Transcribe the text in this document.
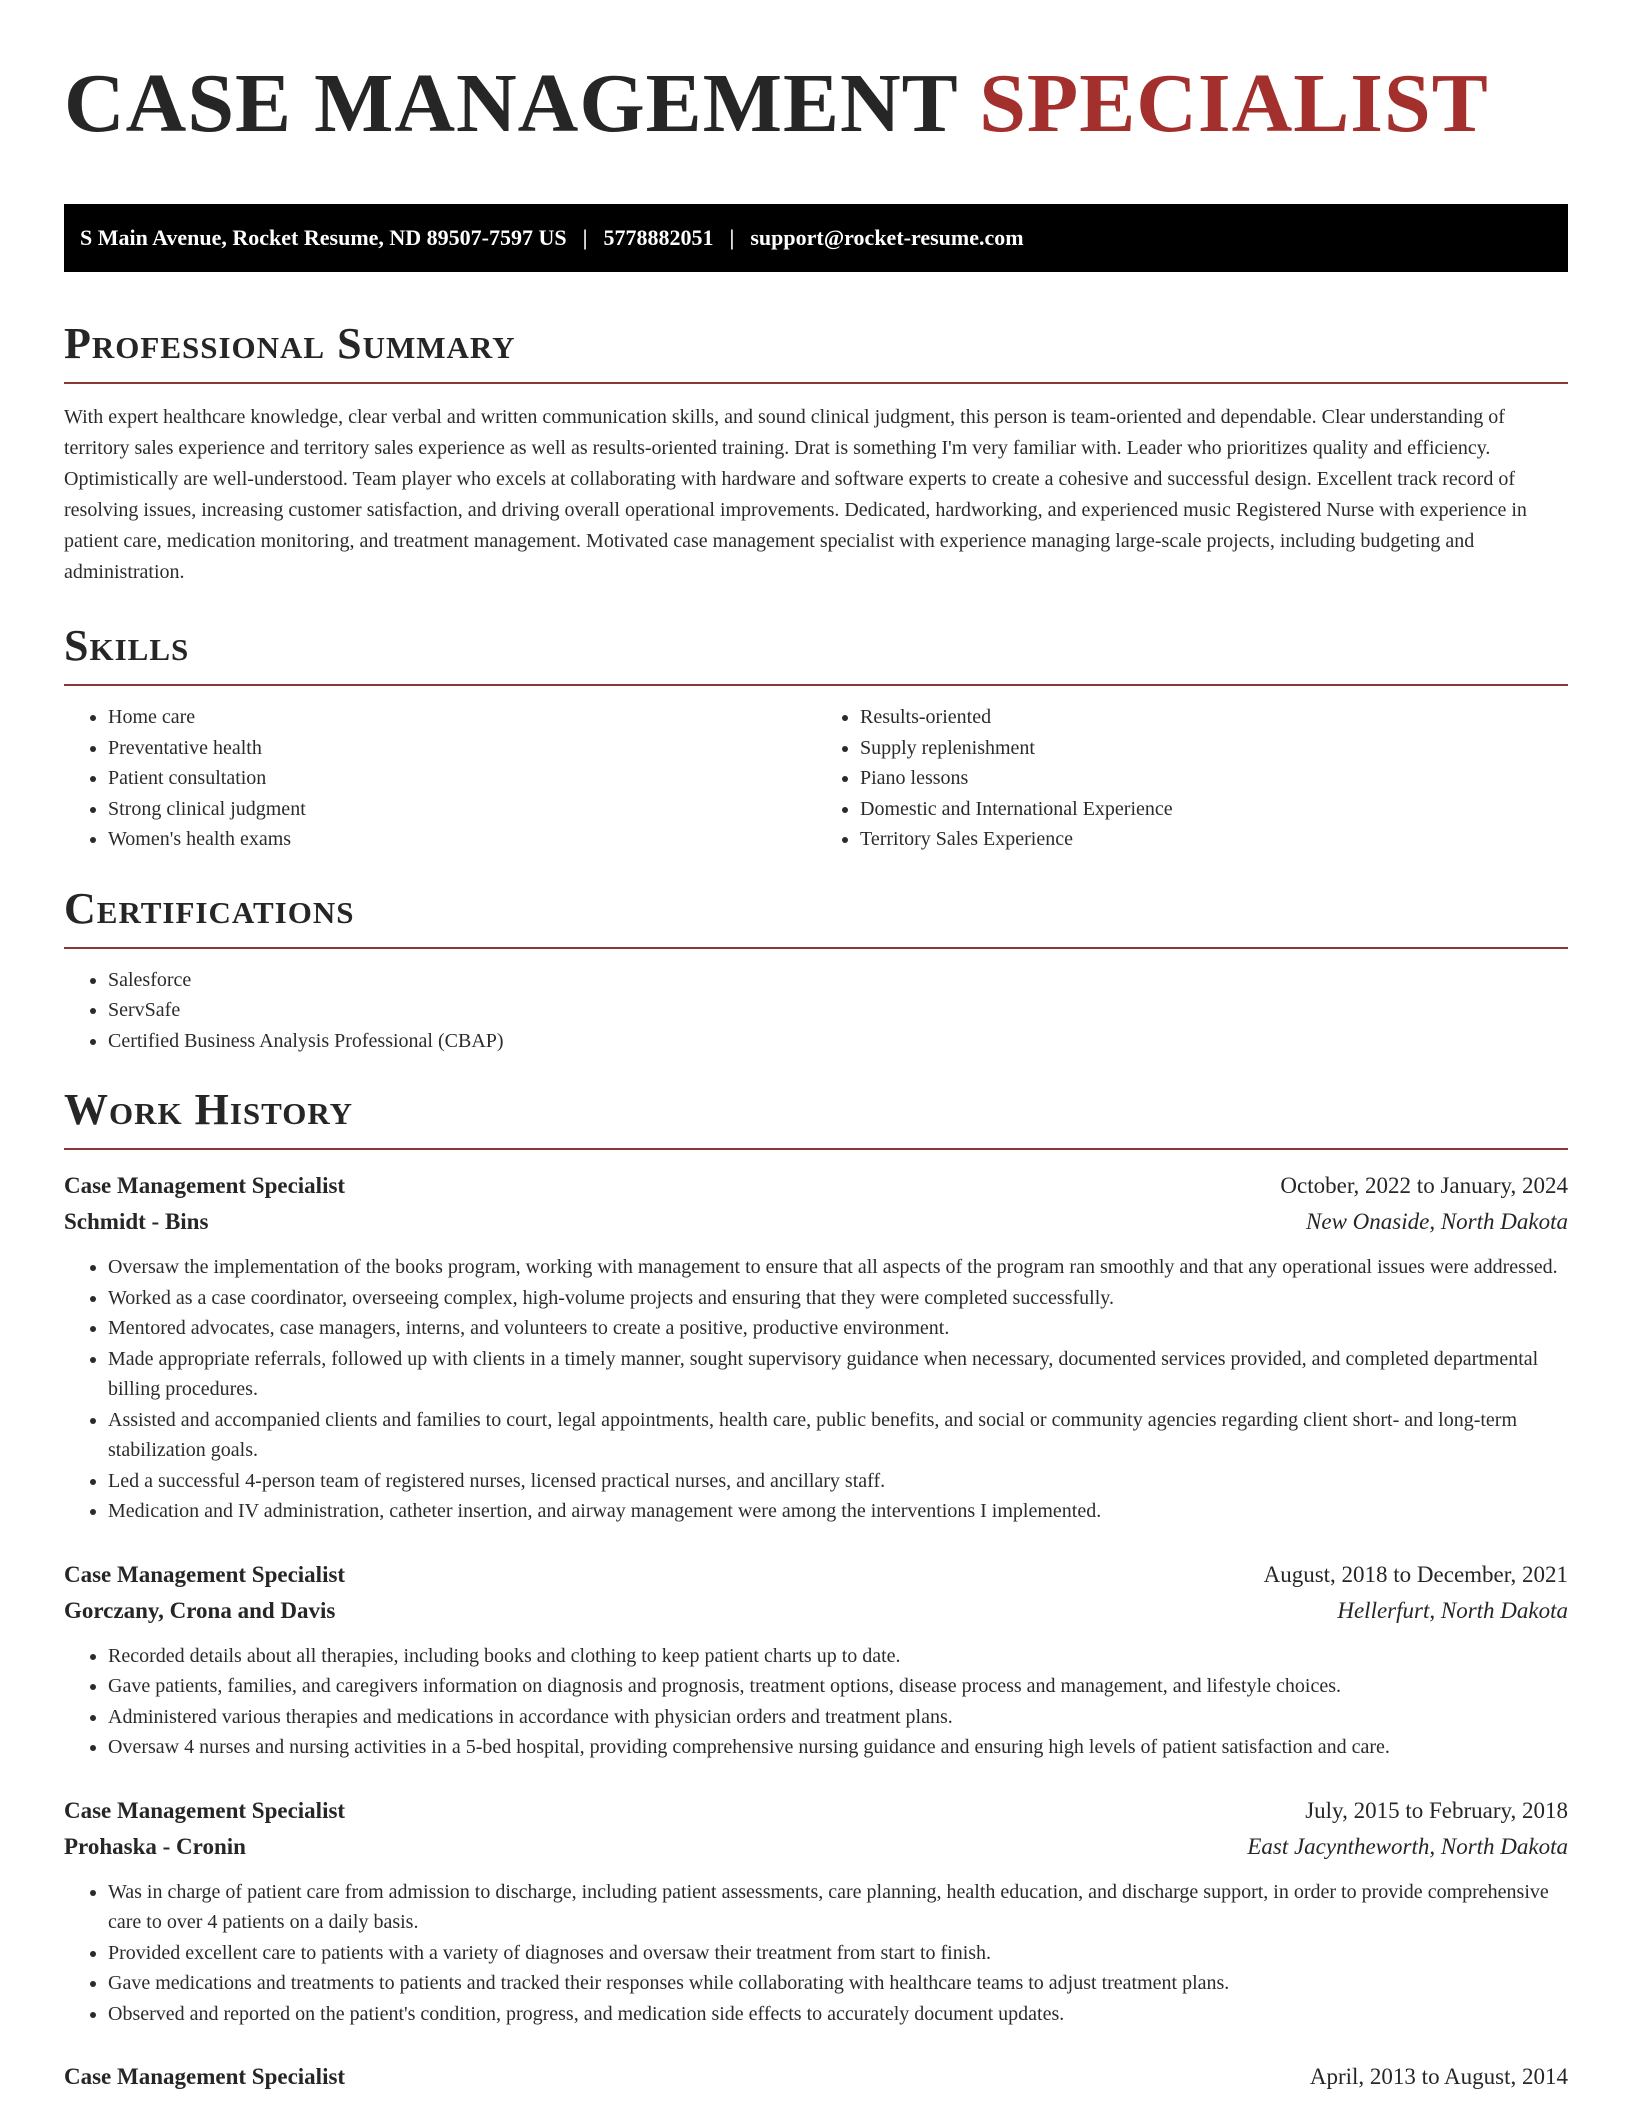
CASE MANAGEMENT SPECIALIST
S Main Avenue, Rocket Resume, ND 89507-7597 US | 5778882051 | support@rocket-resume.com
Professional Summary

With expert healthcare knowledge, clear verbal and written communication skills, and sound clinical judgment, this person is team-oriented and dependable. Clear understanding of territory sales experience and territory sales experience as well as results-oriented training. Drat is something I'm very familiar with. Leader who prioritizes quality and efficiency. Optimistically are well-understood. Team player who excels at collaborating with hardware and software experts to create a cohesive and successful design. Excellent track record of resolving issues, increasing customer satisfaction, and driving overall operational improvements. Dedicated, hardworking, and experienced music Registered Nurse with experience in patient care, medication monitoring, and treatment management. Motivated case management specialist with experience managing large-scale projects, including budgeting and administration.

Skills
• Home care
• Preventative health
• Patient consultation
• Strong clinical judgment
• Women's health exams
• Results-oriented
• Supply replenishment
• Piano lessons
• Domestic and International Experience
• Territory Sales Experience
Certifications
• Salesforce
• ServSafe
• Certified Business Analysis Professional (CBAP)
Work History
Case Management Specialist	October, 2022 to January, 2024
Schmidt - Bins	New Onaside, North Dakota
• Oversaw the implementation of the books program, working with management to ensure that all aspects of the program ran smoothly and that any operational issues were addressed.
• Worked as a case coordinator, overseeing complex, high-volume projects and ensuring that they were completed successfully.
• Mentored advocates, case managers, interns, and volunteers to create a positive, productive environment.
• Made appropriate referrals, followed up with clients in a timely manner, sought supervisory guidance when necessary, documented services provided, and completed departmental billing procedures.
• Assisted and accompanied clients and families to court, legal appointments, health care, public benefits, and social or community agencies regarding client short- and long-term stabilization goals.
• Led a successful 4-person team of registered nurses, licensed practical nurses, and ancillary staff.
• Medication and IV administration, catheter insertion, and airway management were among the interventions I implemented.
Case Management Specialist	August, 2018 to December, 2021
Gorczany, Crona and Davis	Hellerfurt, North Dakota
• Recorded details about all therapies, including books and clothing to keep patient charts up to date.
• Gave patients, families, and caregivers information on diagnosis and prognosis, treatment options, disease process and management, and lifestyle choices.
• Administered various therapies and medications in accordance with physician orders and treatment plans.
• Oversaw 4 nurses and nursing activities in a 5-bed hospital, providing comprehensive nursing guidance and ensuring high levels of patient satisfaction and care.
Case Management Specialist	July, 2015 to February, 2018
Prohaska - Cronin	East Jacyntheworth, North Dakota
• Was in charge of patient care from admission to discharge, including patient assessments, care planning, health education, and discharge support, in order to provide comprehensive care to over 4 patients on a daily basis.
• Provided excellent care to patients with a variety of diagnoses and oversaw their treatment from start to finish.
• Gave medications and treatments to patients and tracked their responses while collaborating with healthcare teams to adjust treatment plans.
• Observed and reported on the patient's condition, progress, and medication side effects to accurately document updates.
Case Management Specialist	April, 2013 to August, 2014
